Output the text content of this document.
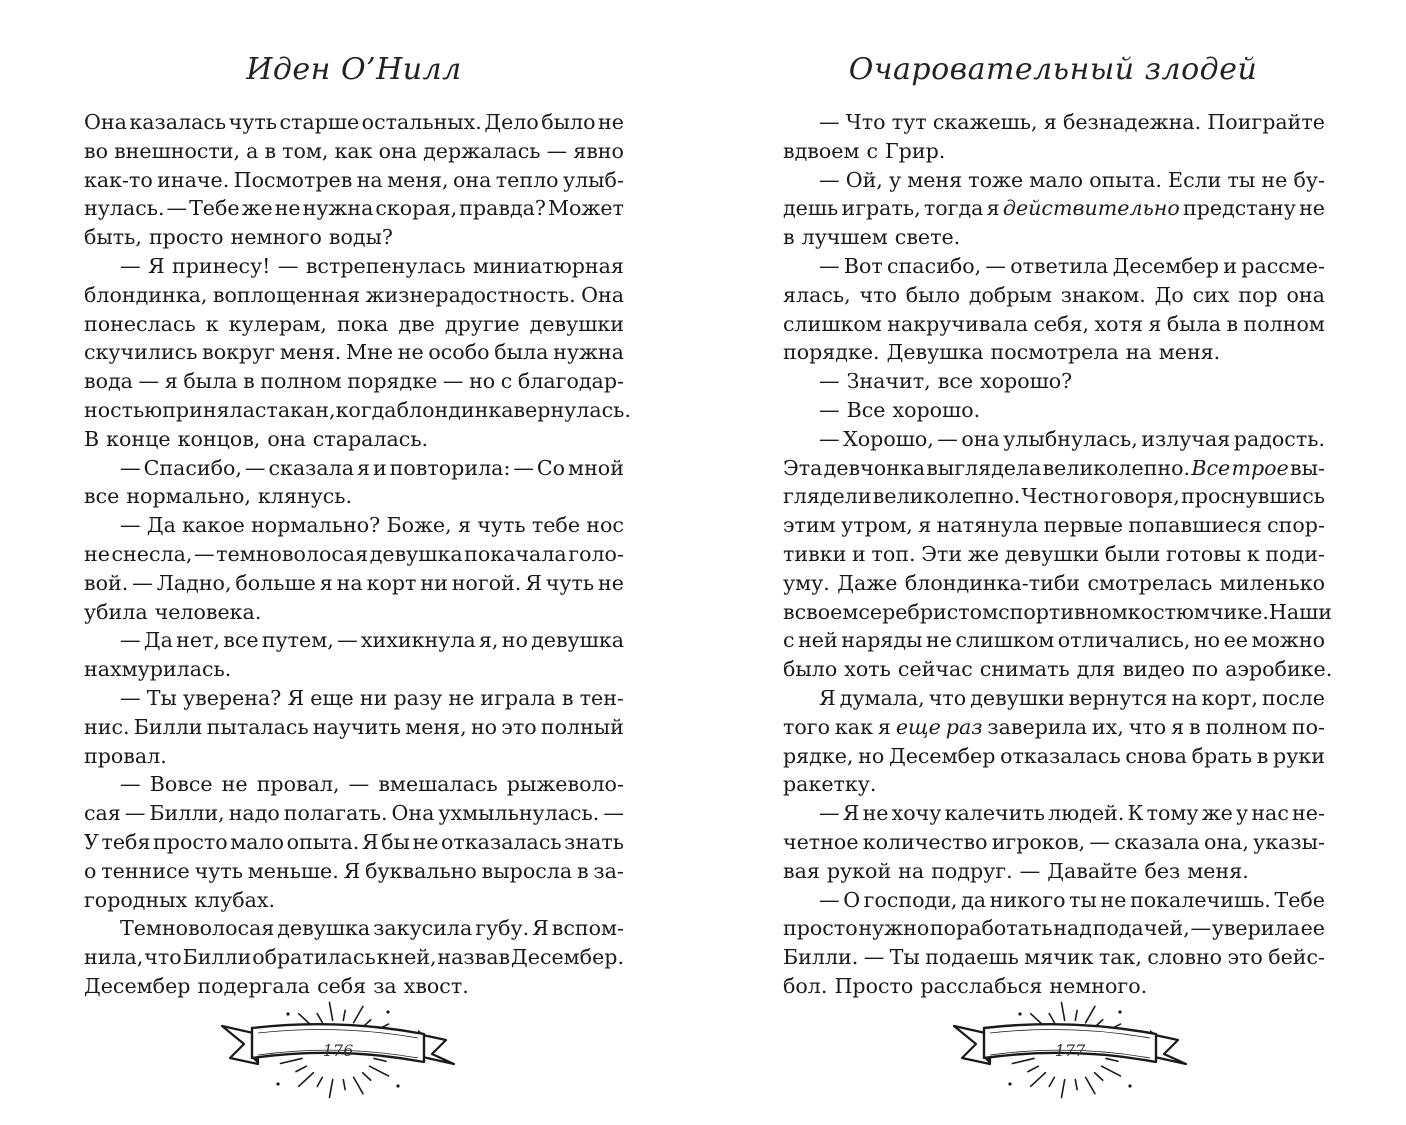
Иден О’Нилл
Она казалась чуть старше остальных. Дело было не
во внешности, а в том, как она держалась — явно
как-то иначе. Посмотрев на меня, она тепло улыб-
нулась. — Тебе же не нужна скорая, правда? Может
быть, просто немного воды?
— Я принесу! — встрепенулась миниатюрная
блондинка, воплощенная жизнерадостность. Она
понеслась к кулерам, пока две другие девушки
скучились вокруг меня. Мне не особо была нужна
вода — я была в полном порядке — но с благодар-
ностью приняла стакан, когда блондинка вернулась.
В конце концов, она старалась.
— Спасибо, — сказала я и повторила: — Со мной
все нормально, клянусь.
— Да какое нормально? Боже, я чуть тебе нос
не снесла, — темноволосая девушка покачала голо-
вой. — Ладно, больше я на корт ни ногой. Я чуть не
убила человека.
— Да нет, все путем, — хихикнула я, но девушка
нахмурилась.
— Ты уверена? Я еще ни разу не играла в тен-
нис. Билли пыталась научить меня, но это полный
провал.
— Вовсе не провал, — вмешалась рыжеволо-
сая — Билли, надо полагать. Она ухмыльнулась. —
У тебя просто мало опыта. Я бы не отказалась знать
о теннисе чуть меньше. Я буквально выросла в за-
городных клубах.
Темноволосая девушка закусила губу. Я вспом-
нила, что Билли обратилась к ней, назвав Десембер.
Десембер подергала себя за хвост.
176
Очаровательный злодей
— Что тут скажешь, я безнадежна. Поиграйте
вдвоем с Грир.
— Ой, у меня тоже мало опыта. Если ты не бу-
дешь играть, тогда я действительно предстану не
в лучшем свете.
— Вот спасибо, — ответила Десембер и рассме-
ялась, что было добрым знаком. До сих пор она
слишком накручивала себя, хотя я была в полном
порядке. Девушка посмотрела на меня.
— Значит, все хорошо?
— Все хорошо.
— Хорошо, — она улыбнулась, излучая радость.
Эта девчонка выглядела великолепно. Все трое вы-
глядели великолепно. Честно говоря, проснувшись
этим утром, я натянула первые попавшиеся спор-
тивки и топ. Эти же девушки были готовы к поди-
уму. Даже блондинка-тиби смотрелась миленько
в своем серебристом спортивном костюмчике. Наши
с ней наряды не слишком отличались, но ее можно
было хоть сейчас снимать для видео по аэробике.
Я думала, что девушки вернутся на корт, после
того как я еще раз заверила их, что я в полном по-
рядке, но Десембер отказалась снова брать в руки
ракетку.
— Я не хочу калечить людей. К тому же у нас не-
четное количество игроков, — сказала она, указы-
вая рукой на подруг. — Давайте без меня.
— О господи, да никого ты не покалечишь. Тебе
просто нужно поработать над подачей, — уверила ее
Билли. — Ты подаешь мячик так, словно это бейс-
бол. Просто расслабься немного.
177
